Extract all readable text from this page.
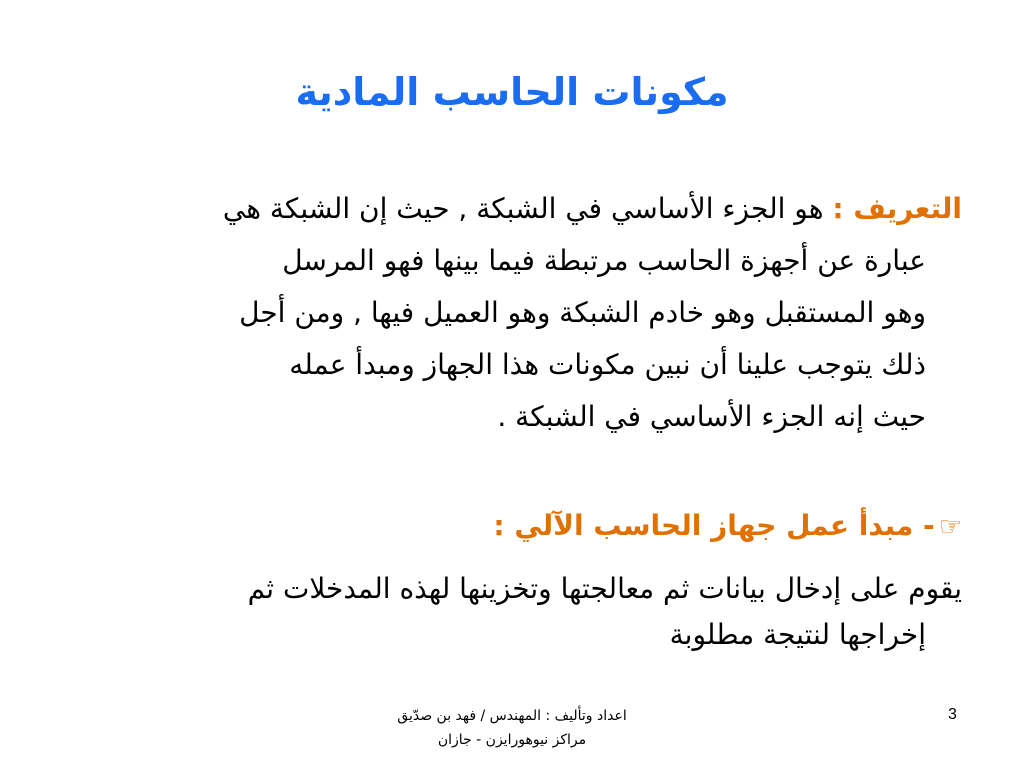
مكونات الحاسب المادية
التعريف : هو الجزء الأساسي في الشبكة , حيث إن الشبكة هي
عبارة عن أجهزة الحاسب مرتبطة فيما بينها فهو المرسل
وهو المستقبل وهو خادم الشبكة وهو العميل فيها , ومن أجل
ذلك يتوجب علينا أن نبين مكونات هذا الجهاز ومبدأ عمله
حيث إنه الجزء الأساسي في الشبكة .
☞- مبدأ عمل جهاز الحاسب الآلي :
يقوم على إدخال بيانات ثم معالجتها وتخزينها لهذه المدخلات ثم
إخراجها لنتيجة مطلوبة
اعداد وتأليف : المهندس / فهد بن صدّيق
مراكز نيوهورايزن - جازان
3
